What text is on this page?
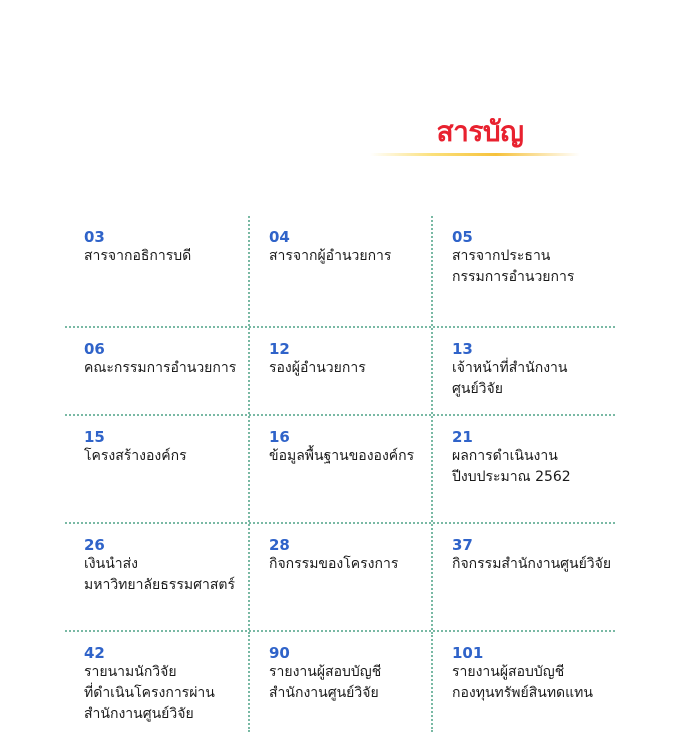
สารบัญ
03
สารจากอธิการบดี
04
สารจากผู้อำนวยการ
05
สารจากประธาน
กรรมการอำนวยการ
06
คณะกรรมการอำนวยการ
12
รองผู้อำนวยการ
13
เจ้าหน้าที่สำนักงานศูนย์วิจัย
15
โครงสร้างองค์กร
16
ข้อมูลพื้นฐานขององค์กร
21
ผลการดำเนินงาน
ปีงบประมาณ 2562
26
เงินนำส่ง
มหาวิทยาลัยธรรมศาสตร์
28
กิจกรรมของโครงการ
37
กิจกรรมสำนักงานศูนย์วิจัย
42
รายนามนักวิจัย
ที่ดำเนินโครงการผ่าน
สำนักงานศูนย์วิจัย
90
รายงานผู้สอบบัญชี
สำนักงานศูนย์วิจัย
101
รายงานผู้สอบบัญชี
กองทุนทรัพย์สินทดแทน
